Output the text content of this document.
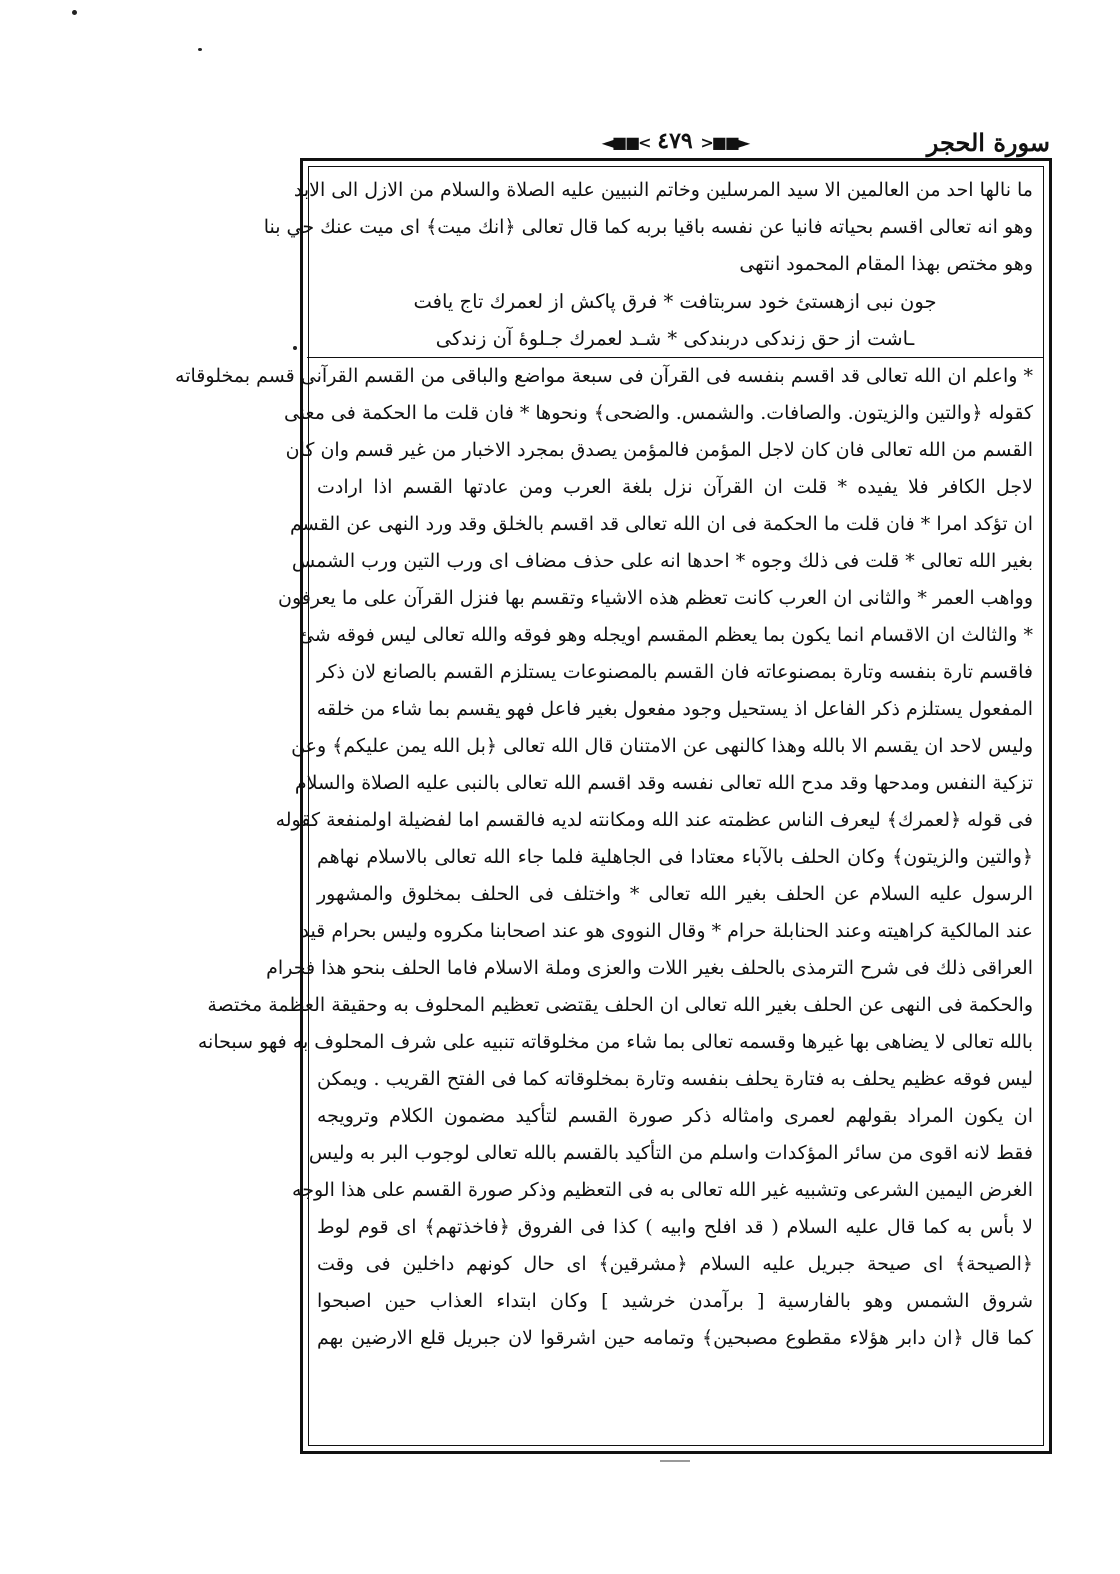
سورة الحجر
◄■■< ٤٧٩ >■■►
ما نالها احد من العالمين الا سيد المرسلين وخاتم النبيين عليه الصلاة والسلام من الازل الى الابد
وهو انه تعالى اقسم بحياته فانيا عن نفسه باقيا بربه كما قال تعالى ﴿انك ميت﴾ اى ميت عنك حي بنا
وهو مختص بهذا المقام المحمود انتهى
جون نبى ازهستئ خود سربتافت * فرق پاكش از لعمرك تاج يافت
ـاشت از حق زندكى دربندكى * شـد لعمرك جـلوهٔ آن زندكى
* واعلم ان الله تعالى قد اقسم بنفسه فى القرآن فى سبعة مواضع والباقى من القسم القرآنى قسم بمخلوقاته
كقوله ﴿والتين والزيتون. والصافات. والشمس. والضحى﴾ ونحوها * فان قلت ما الحكمة فى معنى
القسم من الله تعالى فان كان لاجل المؤمن فالمؤمن يصدق بمجرد الاخبار من غير قسم وان كان
لاجل الكافر فلا يفيده * قلت ان القرآن نزل بلغة العرب ومن عادتها القسم اذا ارادت
ان تؤكد امرا * فان قلت ما الحكمة فى ان الله تعالى قد اقسم بالخلق وقد ورد النهى عن القسم
بغير الله تعالى * قلت فى ذلك وجوه * احدها انه على حذف مضاف اى ورب التين ورب الشمس
وواهب العمر * والثانى ان العرب كانت تعظم هذه الاشياء وتقسم بها فنزل القرآن على ما يعرفون
* والثالث ان الاقسام انما يكون بما يعظم المقسم اويجله وهو فوقه والله تعالى ليس فوقه شئ
فاقسم تارة بنفسه وتارة بمصنوعاته فان القسم بالمصنوعات يستلزم القسم بالصانع لان ذكر
المفعول يستلزم ذكر الفاعل اذ يستحيل وجود مفعول بغير فاعل فهو يقسم بما شاء من خلقه
وليس لاحد ان يقسم الا بالله وهذا كالنهى عن الامتنان قال الله تعالى ﴿بل الله يمن عليكم﴾ وعن
تزكية النفس ومدحها وقد مدح الله تعالى نفسه وقد اقسم الله تعالى بالنبى عليه الصلاة والسلام
فى قوله ﴿لعمرك﴾ ليعرف الناس عظمته عند الله ومكانته لديه فالقسم اما لفضيلة اولمنفعة كقوله
﴿والتين والزيتون﴾ وكان الحلف بالآباء معتادا فى الجاهلية فلما جاء الله تعالى بالاسلام نهاهم
الرسول عليه السلام عن الحلف بغير الله تعالى * واختلف فى الحلف بمخلوق والمشهور
عند المالكية كراهيته وعند الحنابلة حرام * وقال النووى هو عند اصحابنا مكروه وليس بحرام قيد
العراقى ذلك فى شرح الترمذى بالحلف بغير اللات والعزى وملة الاسلام فاما الحلف بنحو هذا فحرام
والحكمة فى النهى عن الحلف بغير الله تعالى ان الحلف يقتضى تعظيم المحلوف به وحقيقة العظمة مختصة
بالله تعالى لا يضاهى بها غيرها وقسمه تعالى بما شاء من مخلوقاته تنبيه على شرف المحلوف به فهو سبحانه
ليس فوقه عظيم يحلف به فتارة يحلف بنفسه وتارة بمخلوقاته كما فى الفتح القريب . ويمكن
ان يكون المراد بقولهم لعمرى وامثاله ذكر صورة القسم لتأكيد مضمون الكلام وترويجه
فقط لانه اقوى من سائر المؤكدات واسلم من التأكيد بالقسم بالله تعالى لوجوب البر به وليس
الغرض اليمين الشرعى وتشبيه غير الله تعالى به فى التعظيم وذكر صورة القسم على هذا الوجه
لا بأس به كما قال عليه السلام ( قد افلح وابيه ) كذا فى الفروق ﴿فاخذتهم﴾ اى قوم لوط
﴿الصيحة﴾ اى صيحة جبريل عليه السلام ﴿مشرقين﴾ اى حال كونهم داخلين فى وقت
شروق الشمس وهو بالفارسية [ برآمدن خرشيد ] وكان ابتداء العذاب حين اصبحوا
كما قال ﴿ان دابر هؤلاء مقطوع مصبحين﴾ وتمامه حين اشرقوا لان جبريل قلع الارضين بهم
